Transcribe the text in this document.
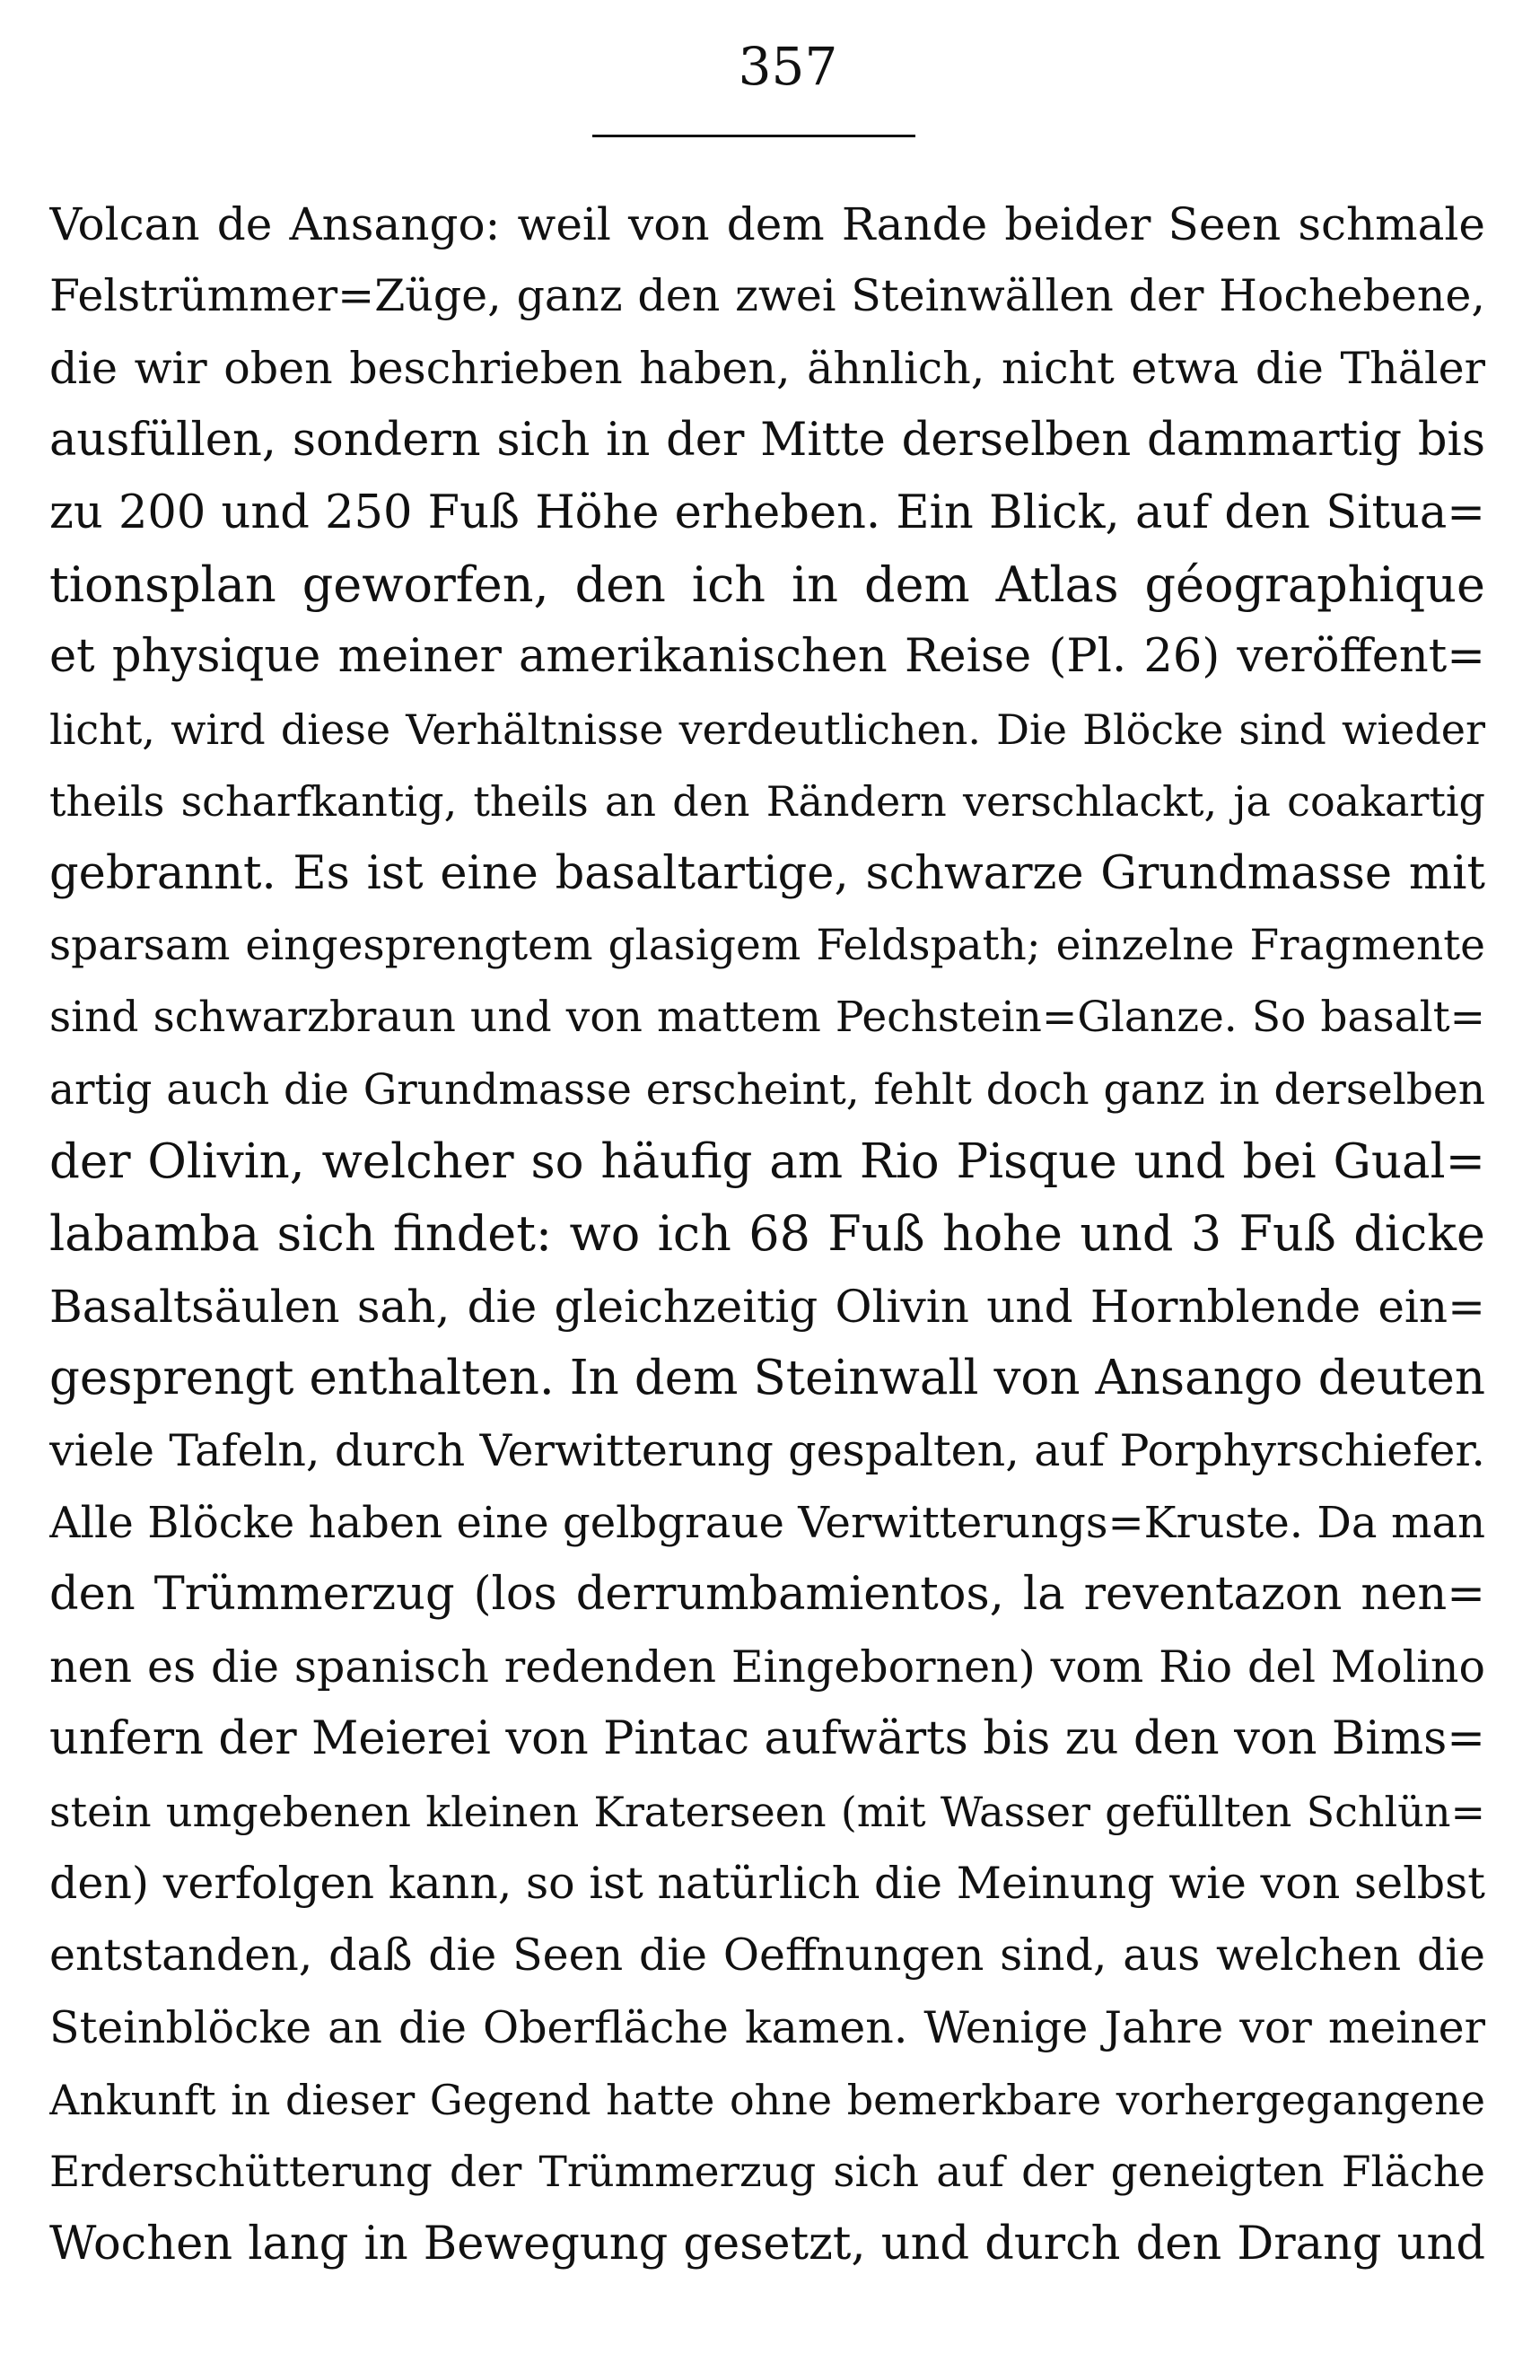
357
Volcan de Ansango: weil von dem Rande beider Seen schmale
Felstrümmer=Züge, ganz den zwei Steinwällen der Hochebene,
die wir oben beschrieben haben, ähnlich, nicht etwa die Thäler
ausfüllen, sondern sich in der Mitte derselben dammartig bis
zu 200 und 250 Fuß Höhe erheben. Ein Blick, auf den Situa=
tionsplan geworfen, den ich in dem Atlas géographique
et physique meiner amerikanischen Reise (Pl. 26) veröffent=
licht, wird diese Verhältnisse verdeutlichen. Die Blöcke sind wieder
theils scharfkantig, theils an den Rändern verschlackt, ja coakartig
gebrannt. Es ist eine basaltartige, schwarze Grundmasse mit
sparsam eingesprengtem glasigem Feldspath; einzelne Fragmente
sind schwarzbraun und von mattem Pechstein=Glanze. So basalt=
artig auch die Grundmasse erscheint, fehlt doch ganz in derselben
der Olivin, welcher so häufig am Rio Pisque und bei Gual=
labamba sich findet: wo ich 68 Fuß hohe und 3 Fuß dicke
Basaltsäulen sah, die gleichzeitig Olivin und Hornblende ein=
gesprengt enthalten. In dem Steinwall von Ansango deuten
viele Tafeln, durch Verwitterung gespalten, auf Porphyrschiefer.
Alle Blöcke haben eine gelbgraue Verwitterungs=Kruste. Da man
den Trümmerzug (los derrumbamientos, la reventazon nen=
nen es die spanisch redenden Eingebornen) vom Rio del Molino
unfern der Meierei von Pintac aufwärts bis zu den von Bims=
stein umgebenen kleinen Kraterseen (mit Wasser gefüllten Schlün=
den) verfolgen kann, so ist natürlich die Meinung wie von selbst
entstanden, daß die Seen die Oeffnungen sind, aus welchen die
Steinblöcke an die Oberfläche kamen. Wenige Jahre vor meiner
Ankunft in dieser Gegend hatte ohne bemerkbare vorhergegangene
Erderschütterung der Trümmerzug sich auf der geneigten Fläche
Wochen lang in Bewegung gesetzt, und durch den Drang und
